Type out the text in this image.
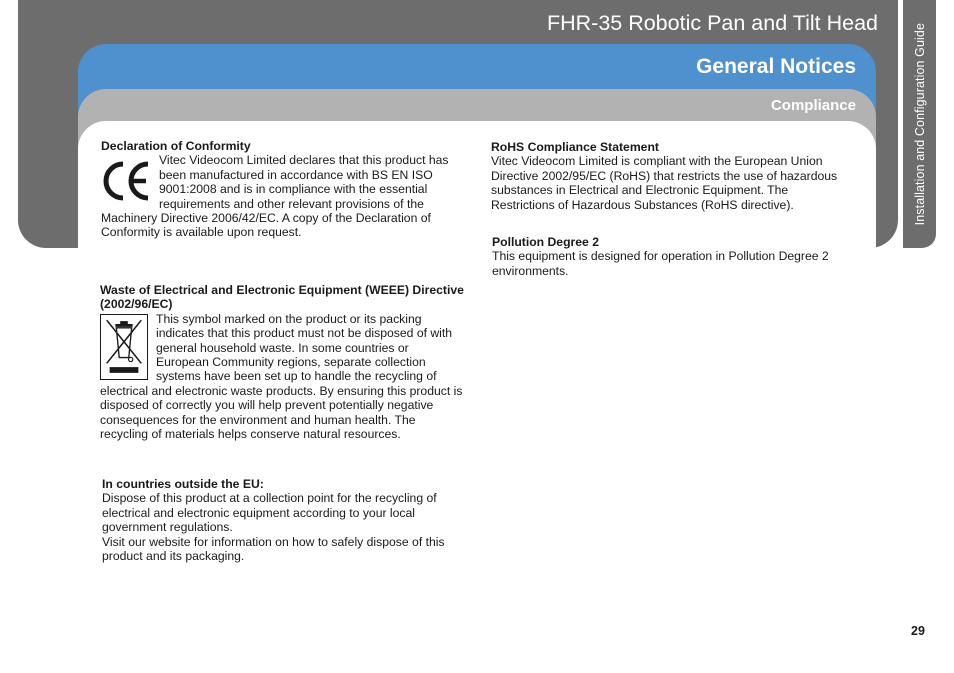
Installation and Configuration Guide
FHR-35 Robotic Pan and Tilt Head
General Notices
Compliance
Declaration of Conformity
Vitec Videocom Limited declares that this product has been manufactured in accordance with BS EN ISO 9001:2008 and is in compliance with the essential requirements and other relevant provisions of the Machinery Directive 2006/42/EC. A copy of the Declaration of Conformity is available upon request.
Waste of Electrical and Electronic Equipment (WEEE) Directive (2002/96/EC)
This symbol marked on the product or its packing indicates that this product must not be disposed of with general household waste. In some countries or European Community regions, separate collection systems have been set up to handle the recycling of electrical and electronic waste products. By ensuring this product is disposed of correctly you will help prevent potentially negative consequences for the environment and human health. The recycling of materials helps conserve natural resources.
In countries outside the EU:
Dispose of this product at a collection point for the recycling of electrical and electronic equipment according to your local government regulations.
Visit our website for information on how to safely dispose of this product and its packaging.
RoHS Compliance Statement
Vitec Videocom Limited is compliant with the European Union Directive 2002/95/EC (RoHS) that restricts the use of hazardous substances in Electrical and Electronic Equipment. The Restrictions of Hazardous Substances (RoHS directive).
Pollution Degree 2
This equipment is designed for operation in Pollution Degree 2 environments.
29
